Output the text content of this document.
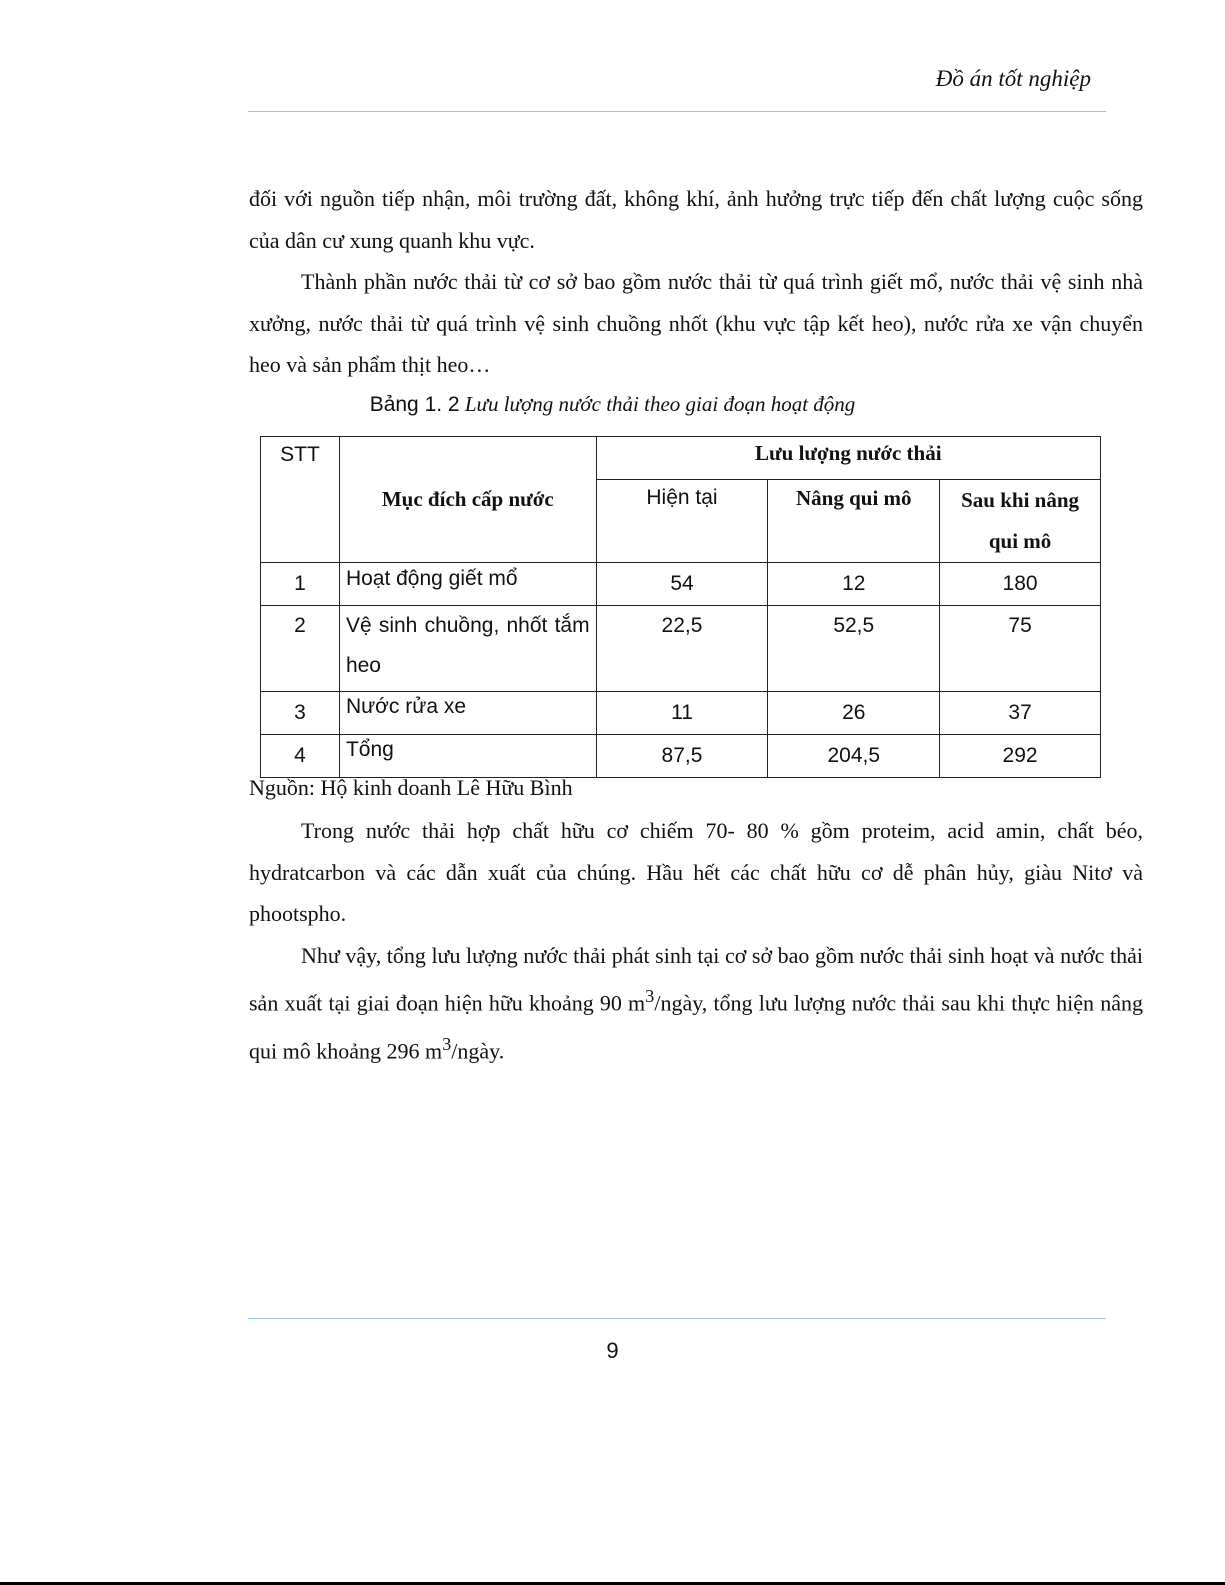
Đồ án tốt nghiệp

đối với nguồn tiếp nhận, môi trường đất, không khí, ảnh hưởng trực tiếp đến chất lượng cuộc sống của dân cư xung quanh khu vực.

Thành phần nước thải từ cơ sở bao gồm nước thải từ quá trình giết mổ, nước thải vệ sinh nhà xưởng, nước thải từ quá trình vệ sinh chuồng nhốt (khu vực tập kết heo), nước rửa xe vận chuyển heo và sản phẩm thịt heo…

Bảng 1. 2 Lưu lượng nước thải theo giai đoạn hoạt động
STT	Mục đích cấp nước	Lưu lượng nước thải		
		Hiện tại	Nâng qui mô	Sau khi nâng qui mô
1	Hoạt động giết mổ	54	12	180
2	Vệ sinh chuồng, nhốt tắm heo	22,5	52,5	75
3	Nước rửa xe	11	26	37
4	Tổng	87,5	204,5	292
Nguồn: Hộ kinh doanh Lê Hữu Bình

Trong nước thải hợp chất hữu cơ chiếm 70- 80 % gồm proteim, acid amin, chất béo, hydratcarbon và các dẫn xuất của chúng. Hầu hết các chất hữu cơ dễ phân hủy, giàu Nitơ và phootspho.

Như vậy, tổng lưu lượng nước thải phát sinh tại cơ sở bao gồm nước thải sinh hoạt và nước thải sản xuất tại giai đoạn hiện hữu khoảng 90 $m^3$/ngày, tổng lưu lượng nước thải sau khi thực hiện nâng qui mô khoảng 296 $m^3$/ngày.

9
